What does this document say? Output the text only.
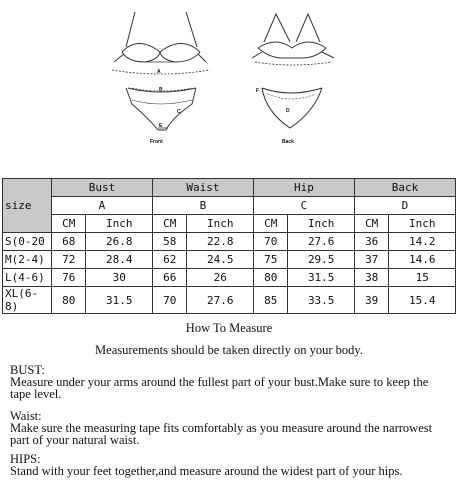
A
B
C
E
F
D
Front	Back
size	Bust		Waist		Hip		Back	
	A		B		C		D	
	CM	Inch	CM	Inch	CM	Inch	CM	Inch
S(0-20	68	26.8	58	22.8	70	27.6	36	14.2
M(2-4)	72	28.4	62	24.5	75	29.5	37	14.6
L(4-6)	76	30	66	26	80	31.5	38	15
XL(6-8)	80	31.5	70	27.6	85	33.5	39	15.4
How To Measure
Measurements should be taken directly on your body.
BUST:
Measure under your arms around the fullest part of your bust.Make sure to keep the tape level.
Waist:
Make sure the measuring tape fits comfortably as you measure around the narrowest part of your natural waist.
HIPS:
Stand with your feet together,and measure around the widest part of your hips.
